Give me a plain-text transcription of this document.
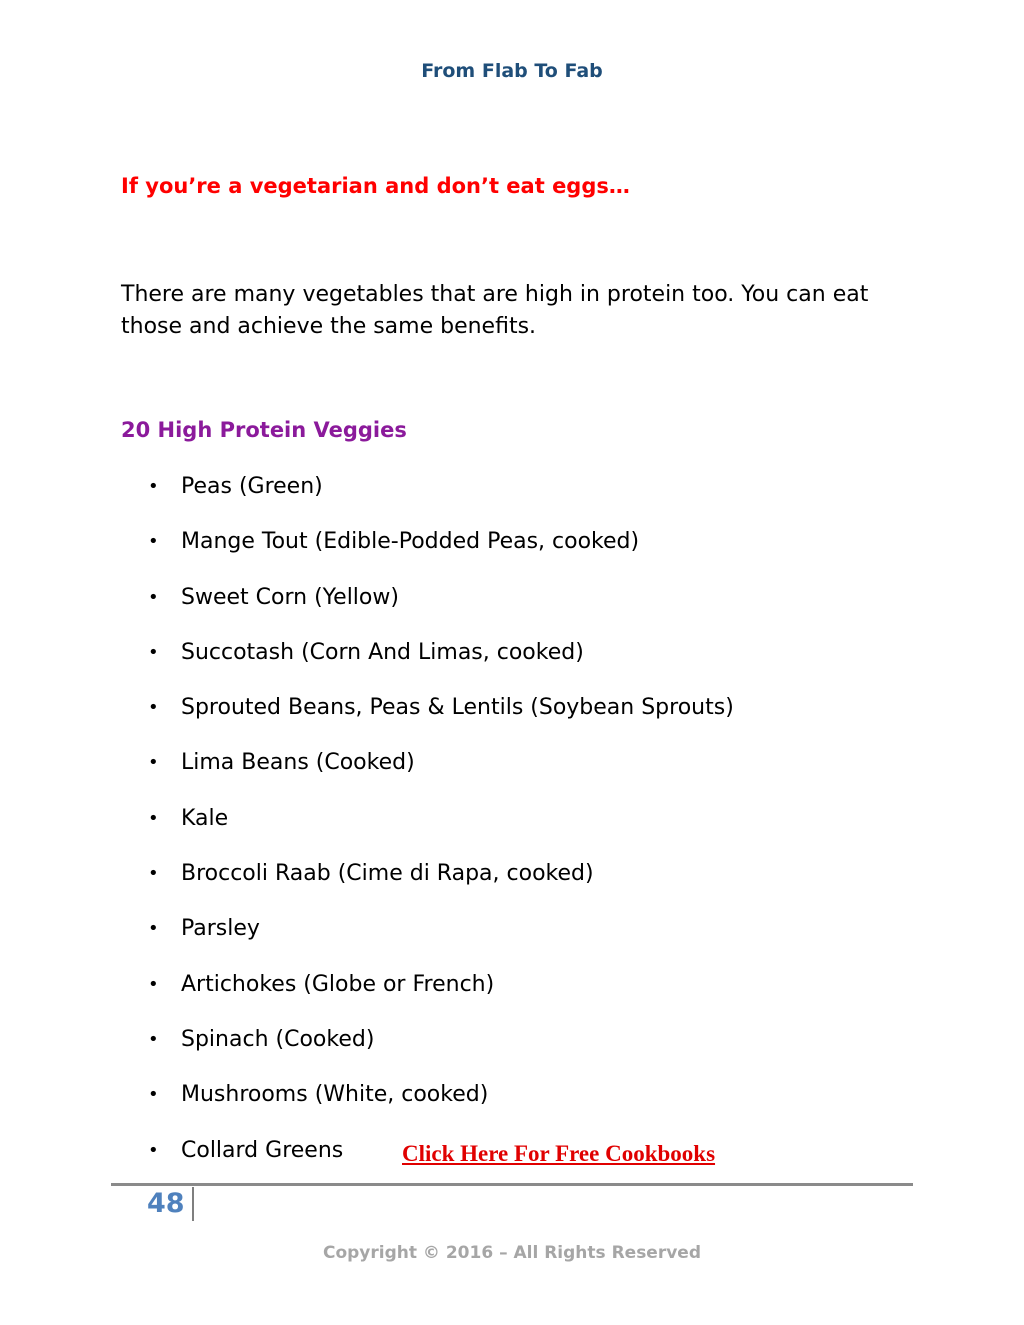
From Flab To Fab
If you’re a vegetarian and don’t eat eggs…
There are many vegetables that are high in protein too. You can eat those and achieve the same benefits.
20 High Protein Veggies
•	Peas (Green)
•	Mange Tout (Edible-Podded Peas, cooked)
•	Sweet Corn (Yellow)
•	Succotash (Corn And Limas, cooked)
•	Sprouted Beans, Peas & Lentils (Soybean Sprouts)
•	Lima Beans (Cooked)
•	Kale
•	Broccoli Raab (Cime di Rapa, cooked)
•	Parsley
•	Artichokes (Globe or French)
•	Spinach (Cooked)
•	Mushrooms (White, cooked)
•	Collard Greens	Click Here For Free Cookbooks
48
Copyright © 2016 – All Rights Reserved
